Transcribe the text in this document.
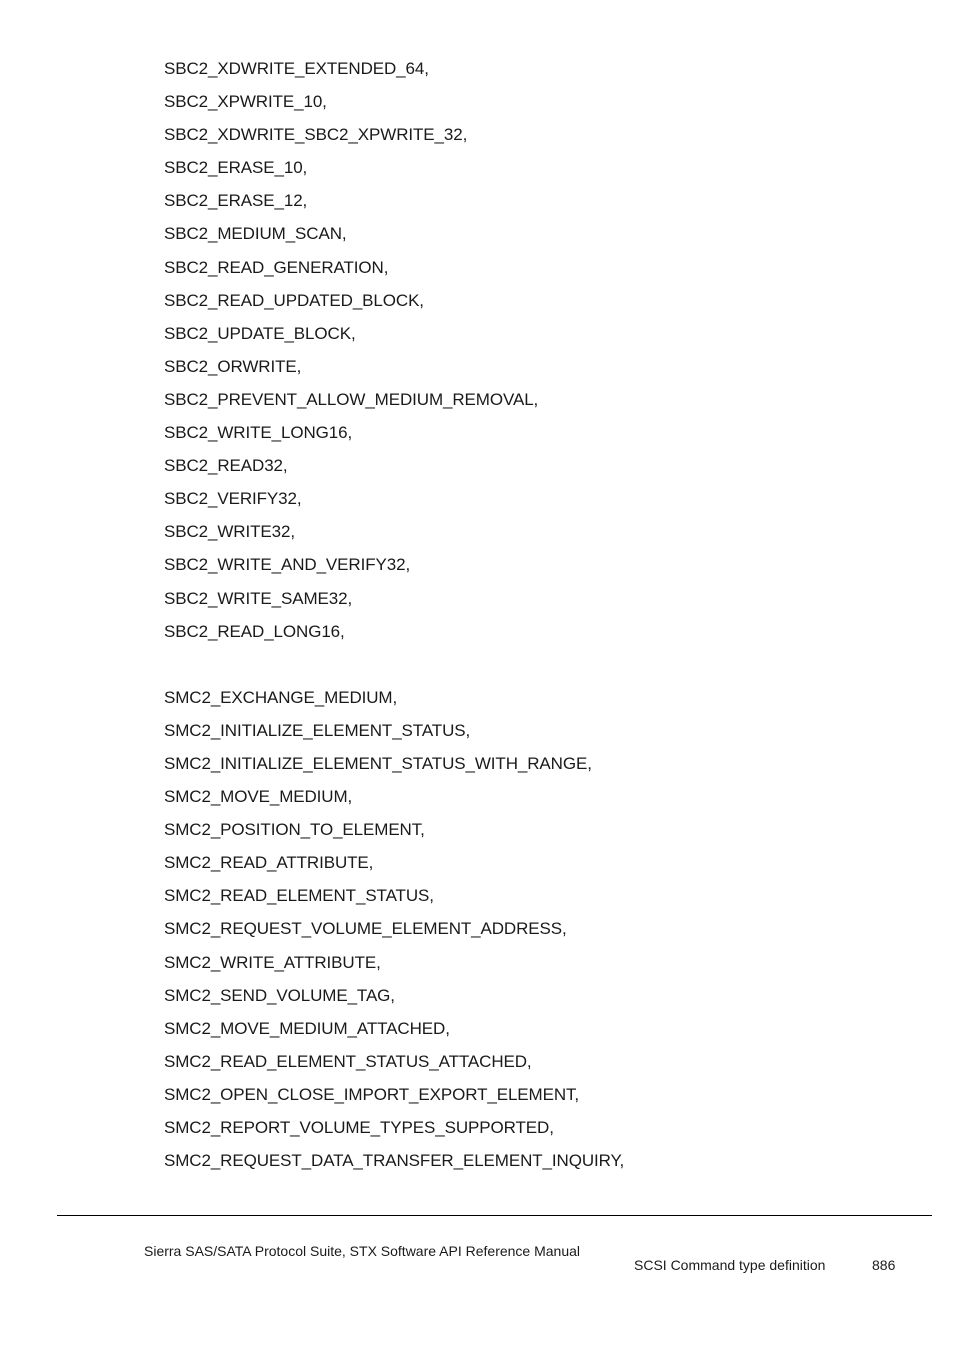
SBC2_XDWRITE_EXTENDED_64,
SBC2_XPWRITE_10,
SBC2_XDWRITE_SBC2_XPWRITE_32,
SBC2_ERASE_10,
SBC2_ERASE_12,
SBC2_MEDIUM_SCAN,
SBC2_READ_GENERATION,
SBC2_READ_UPDATED_BLOCK,
SBC2_UPDATE_BLOCK,
SBC2_ORWRITE,
SBC2_PREVENT_ALLOW_MEDIUM_REMOVAL,
SBC2_WRITE_LONG16,
SBC2_READ32,
SBC2_VERIFY32,
SBC2_WRITE32,
SBC2_WRITE_AND_VERIFY32,
SBC2_WRITE_SAME32,
SBC2_READ_LONG16,
SMC2_EXCHANGE_MEDIUM,
SMC2_INITIALIZE_ELEMENT_STATUS,
SMC2_INITIALIZE_ELEMENT_STATUS_WITH_RANGE,
SMC2_MOVE_MEDIUM,
SMC2_POSITION_TO_ELEMENT,
SMC2_READ_ATTRIBUTE,
SMC2_READ_ELEMENT_STATUS,
SMC2_REQUEST_VOLUME_ELEMENT_ADDRESS,
SMC2_WRITE_ATTRIBUTE,
SMC2_SEND_VOLUME_TAG,
SMC2_MOVE_MEDIUM_ATTACHED,
SMC2_READ_ELEMENT_STATUS_ATTACHED,
SMC2_OPEN_CLOSE_IMPORT_EXPORT_ELEMENT,
SMC2_REPORT_VOLUME_TYPES_SUPPORTED,
SMC2_REQUEST_DATA_TRANSFER_ELEMENT_INQUIRY,
Sierra SAS/SATA Protocol Suite, STX Software API Reference Manual
SCSI Command type definition	886
